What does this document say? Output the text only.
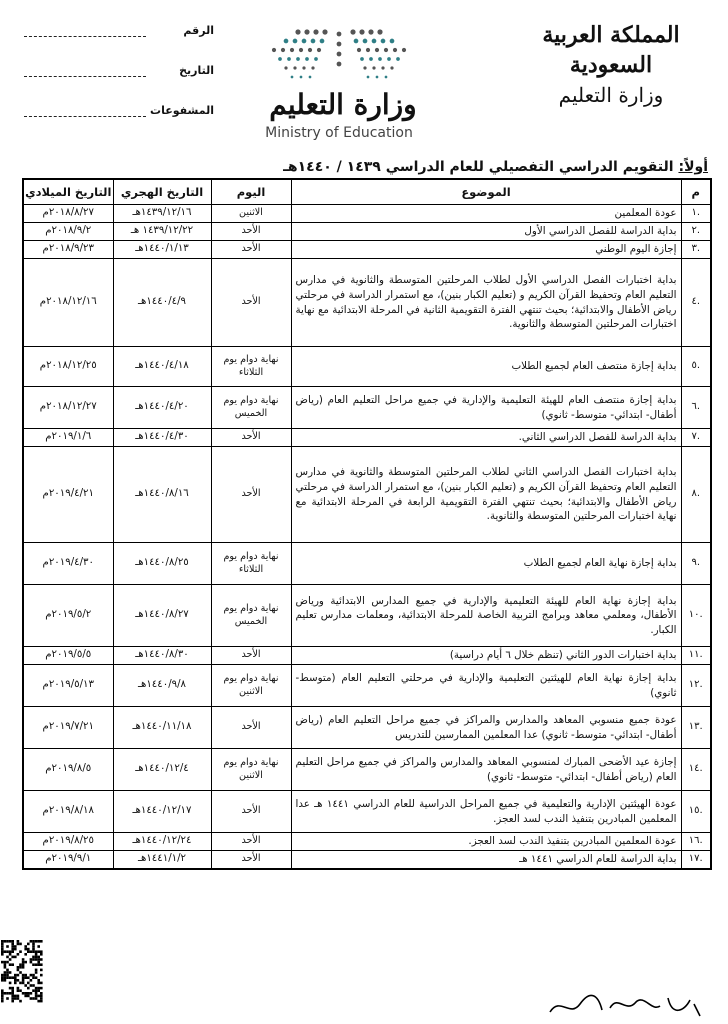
المملكة العربية السعودية
وزارة التعليم
وزارة التعليم
Ministry of Education
الرقم
التاريخ
المشفوعات
أولاً: التقويم الدراسي التفصيلي للعام الدراسي ١٤٣٩ / ١٤٤٠هـ
م	الموضوع	اليوم	التاريخ الهجري	التاريخ الميلادي
.١	عودة المعلمين	الاثنين	١٤٣٩/١٢/١٦هـ	٢٠١٨/٨/٢٧م
.٢	بداية الدراسة للفصل الدراسي الأول	الأحد	١٤٣٩/١٢/٢٢ هـ	٢٠١٨/٩/٢م
.٣	إجازة اليوم الوطني	الأحد	١٤٤٠/١/١٣هـ	٢٠١٨/٩/٢٣م
.٤	بداية اختبارات الفصل الدراسي الأول لطلاب المرحلتين المتوسطة والثانوية في مدارس التعليم العام وتحفيظ القرآن الكريم و (تعليم الكبار بنين)، مع استمرار الدراسة في مرحلتي رياض الأطفال والابتدائية؛ بحيث تنتهي الفترة التقويمية الثانية في المرحلة الابتدائية مع نهاية اختبارات المرحلتين المتوسطة والثانوية.	الأحد	١٤٤٠/٤/٩هـ	٢٠١٨/١٢/١٦م
.٥	بداية إجازة منتصف العام لجميع الطلاب	نهاية دوام يوم الثلاثاء	١٤٤٠/٤/١٨هـ	٢٠١٨/١٢/٢٥م
.٦	بداية إجازة منتصف العام للهيئة التعليمية والإدارية في جميع مراحل التعليم العام (رياض أطفال- ابتدائي- متوسط- ثانوي)	نهاية دوام يوم الخميس	١٤٤٠/٤/٢٠هـ	٢٠١٨/١٢/٢٧م
.٧	بداية الدراسة للفصل الدراسي الثاني.	الأحد	١٤٤٠/٤/٣٠هـ	٢٠١٩/١/٦م
.٨	بداية اختبارات الفصل الدراسي الثاني لطلاب المرحلتين المتوسطة والثانوية في مدارس التعليم العام وتحفيظ القرآن الكريم و (تعليم الكبار بنين)، مع استمرار الدراسة في مرحلتي رياض الأطفال والابتدائية؛ بحيث تنتهي الفترة التقويمية الرابعة في المرحلة الابتدائية مع نهاية اختبارات المرحلتين المتوسطة والثانوية.	الأحد	١٤٤٠/٨/١٦هـ	٢٠١٩/٤/٢١م
.٩	بداية إجازة نهاية العام لجميع الطلاب	نهاية دوام يوم الثلاثاء	١٤٤٠/٨/٢٥هـ	٢٠١٩/٤/٣٠م
.١٠	بداية إجازة نهاية العام للهيئة التعليمية والإدارية في جميع المدارس الابتدائية ورياض الأطفال، ومعلمي معاهد وبرامج التربية الخاصة للمرحلة الابتدائية، ومعلمات مدارس تعليم الكبار.	نهاية دوام يوم الخميس	١٤٤٠/٨/٢٧هـ	٢٠١٩/٥/٢م
.١١	بداية اختبارات الدور الثاني (تنظم خلال ٦ أيام دراسية)	الأحد	١٤٤٠/٨/٣٠هـ	٢٠١٩/٥/٥م
.١٢	بداية إجازة نهاية العام للهيئتين التعليمية والإدارية في مرحلتي التعليم العام (متوسط- ثانوي)	نهاية دوام يوم الاثنين	١٤٤٠/٩/٨هـ	٢٠١٩/٥/١٣م
.١٣	عودة جميع منسوبي المعاهد والمدارس والمراكز في جميع مراحل التعليم العام (رياض أطفال- ابتدائي- متوسط- ثانوي) عدا المعلمين الممارسين للتدريس	الأحد	١٤٤٠/١١/١٨هـ	٢٠١٩/٧/٢١م
.١٤	إجازة عيد الأضحى المبارك لمنسوبي المعاهد والمدارس والمراكز في جميع مراحل التعليم العام (رياض أطفال- ابتدائي- متوسط- ثانوي)	نهاية دوام يوم الاثنين	١٤٤٠/١٢/٤هـ	٢٠١٩/٨/٥م
.١٥	عودة الهيئتين الإدارية والتعليمية في جميع المراحل الدراسية للعام الدراسي ١٤٤١ هـ عدا المعلمين المبادرين بتنفيذ الندب لسد العجز.	الأحد	١٤٤٠/١٢/١٧هـ	٢٠١٩/٨/١٨م
.١٦	عودة المعلمين المبادرين بتنفيذ الندب لسد العجز.	الأحد	١٤٤٠/١٢/٢٤هـ	٢٠١٩/٨/٢٥م
.١٧	بداية الدراسة للعام الدراسي ١٤٤١ هـ	الأحد	١٤٤١/١/٢هـ	٢٠١٩/٩/١م
